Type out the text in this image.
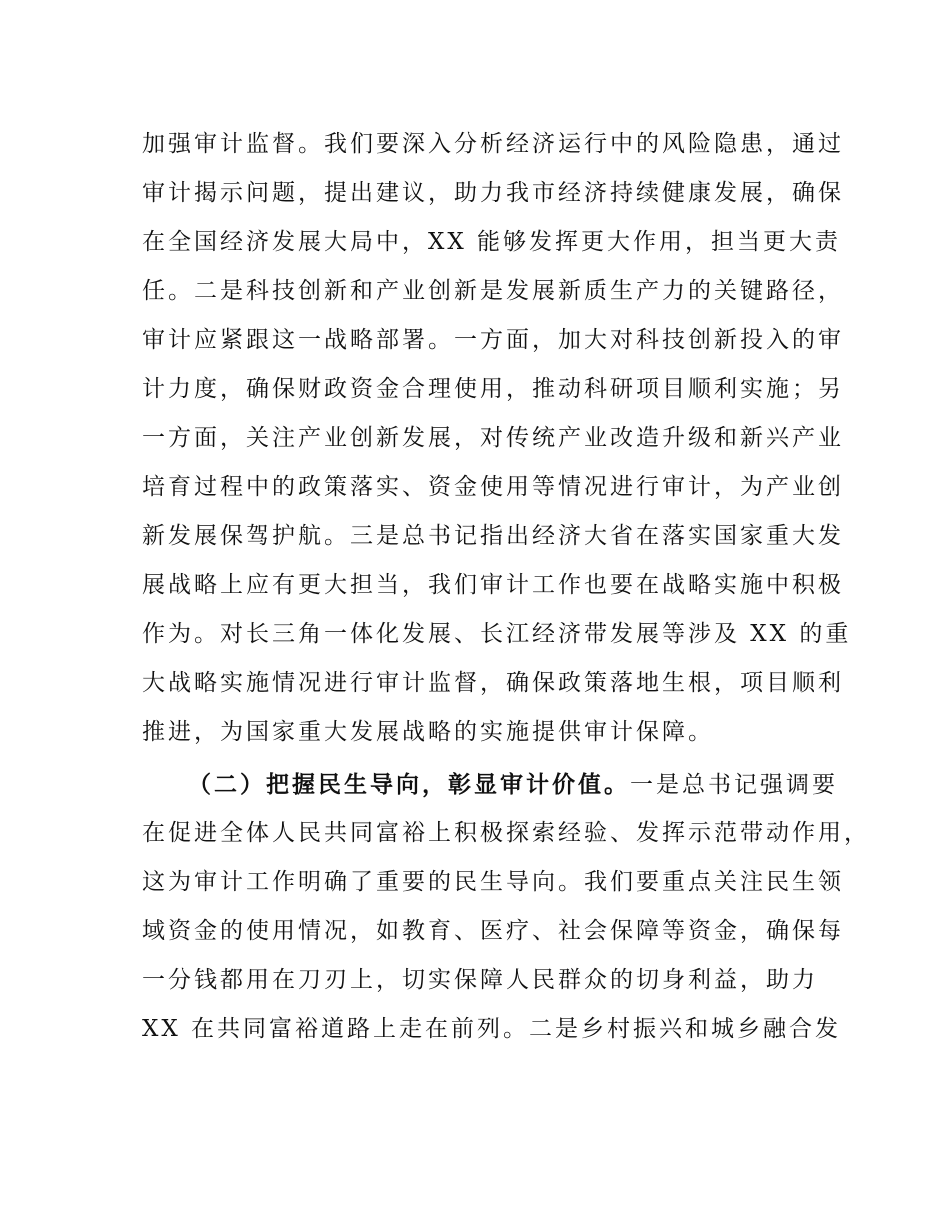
加强审计监督。我们要深入分析经济运行中的风险隐患，通过
审计揭示问题，提出建议，助力我市经济持续健康发展，确保
在全国经济发展大局中，XX 能够发挥更大作用，担当更大责
任。二是科技创新和产业创新是发展新质生产力的关键路径，
审计应紧跟这一战略部署。一方面，加大对科技创新投入的审
计力度，确保财政资金合理使用，推动科研项目顺利实施；另
一方面，关注产业创新发展，对传统产业改造升级和新兴产业
培育过程中的政策落实、资金使用等情况进行审计，为产业创
新发展保驾护航。三是总书记指出经济大省在落实国家重大发
展战略上应有更大担当，我们审计工作也要在战略实施中积极
作为。对长三角一体化发展、长江经济带发展等涉及 XX 的重
大战略实施情况进行审计监督，确保政策落地生根，项目顺利
推进，为国家重大发展战略的实施提供审计保障。
（二）把握民生导向，彰显审计价值。一是总书记强调要
在促进全体人民共同富裕上积极探索经验、发挥示范带动作用，
这为审计工作明确了重要的民生导向。我们要重点关注民生领
域资金的使用情况，如教育、医疗、社会保障等资金，确保每
一分钱都用在刀刃上，切实保障人民群众的切身利益，助力
XX 在共同富裕道路上走在前列。二是乡村振兴和城乡融合发
